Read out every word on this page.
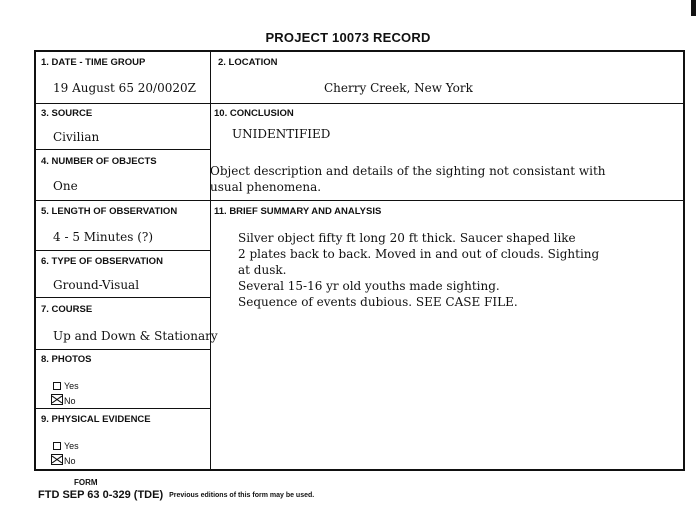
PROJECT 10073 RECORD
1. DATE - TIME GROUP
19 August 65 20/0020Z
2. LOCATION
Cherry Creek, New York
3. SOURCE
Civilian
10. CONCLUSION
UNIDENTIFIED
Object description and details of the sighting not consistant with
usual phenomena.
4. NUMBER OF OBJECTS
One
5. LENGTH OF OBSERVATION
4 - 5 Minutes (?)
11. BRIEF SUMMARY AND ANALYSIS
Silver object fifty ft long 20 ft thick. Saucer shaped like
2 plates back to back. Moved in and out of clouds. Sighting
at dusk.
Several 15-16 yr old youths made sighting.
Sequence of events dubious. SEE CASE FILE.
6. TYPE OF OBSERVATION
Ground-Visual
7. COURSE
Up and Down & Stationary
8. PHOTOS
Yes
No
9. PHYSICAL EVIDENCE
Yes
No
FORM
FTD SEP 63 0-329 (TDE) Previous editions of this form may be used.
